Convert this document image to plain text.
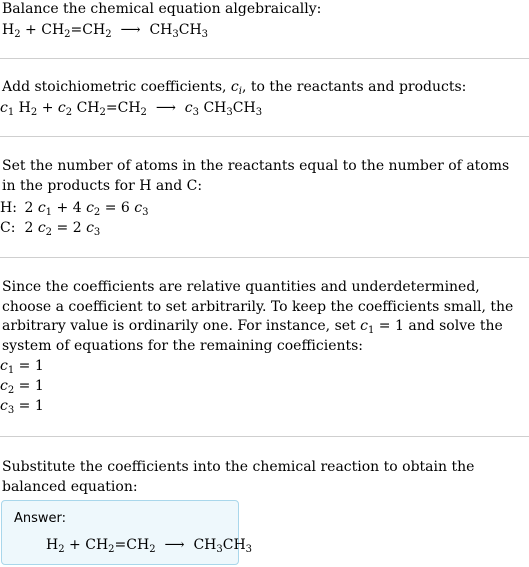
Balance the chemical equation algebraically:
$H_2 + CH_2=CH_2$ ⟶ $CH_3CH_3$
Add stoichiometric coefficients, $c_i$, to the reactants and products:
$c_1$ $H_2 + c_2$ $CH_2=CH_2$ ⟶ $c_3$ $CH_3CH_3$
Set the number of atoms in the reactants equal to the number of atoms in the products for H and C:
H: 2 $c_1 + 4$ $c_2 = 6$ $c_3$
C: 2 $c_2 = 2$ $c_3$
Since the coefficients are relative quantities and underdetermined, choose a coefficient to set arbitrarily. To keep the coefficients small, the arbitrary value is ordinarily one. For instance, set $c_1 = 1$ and solve the system of equations for the remaining coefficients:
$c_1 = 1$
$c_2 = 1$
$c_3 = 1$
Substitute the coefficients into the chemical reaction to obtain the balanced equation:
Answer:
$H_2 + CH_2=CH_2$ ⟶ $CH_3CH_3$
